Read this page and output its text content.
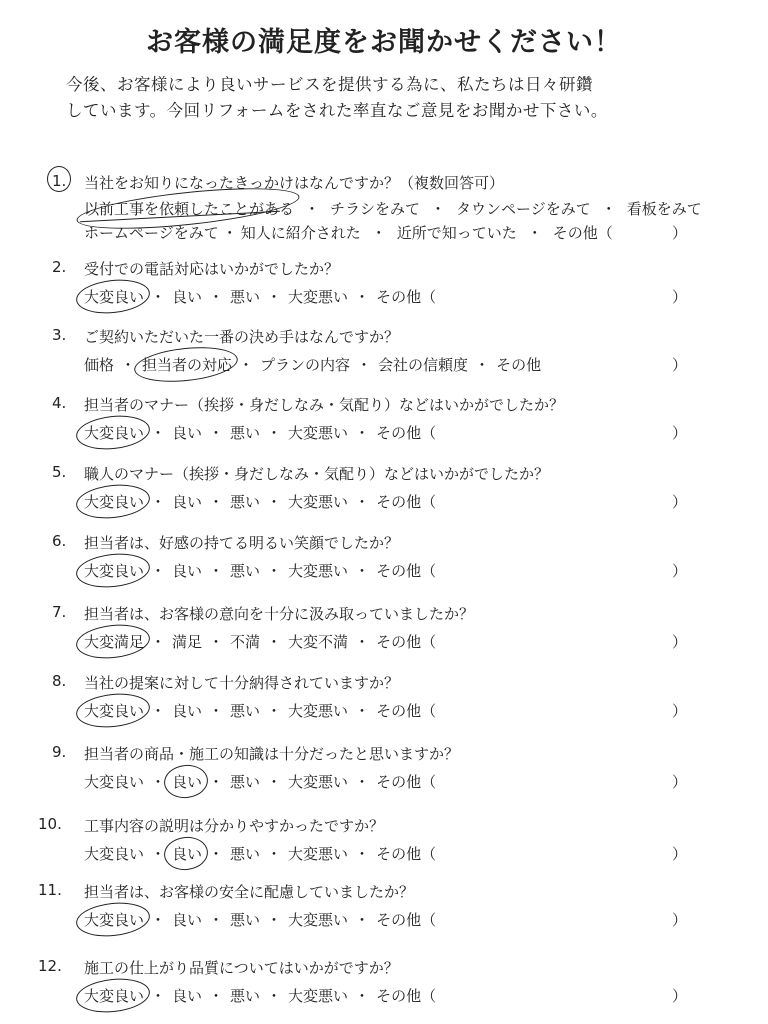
お客様の満足度をお聞かせください！
今後、お客様により良いサービスを提供する為に、私たちは日々研鑽
しています。今回リフォームをされた率直なご意見をお聞かせ下さい。
1. 当社をお知りになったきっかけはなんですか？（複数回答可）
以前工事を依頼したことがある ・ チラシをみて ・ タウンページをみて ・ 看板をみて
ホームページをみて ・ 知人に紹介された ・ 近所で知っていた ・ その他（	）
2. 受付での電話対応はいかがでしたか？
大変良い ・ 良い ・ 悪い ・ 大変悪い ・ その他（	）
3. ご契約いただいた一番の決め手はなんですか？
価格 ・ 担当者の対応 ・ プランの内容 ・ 会社の信頼度 ・ その他	）
4. 担当者のマナー（挨拶・身だしなみ・気配り）などはいかがでしたか？
大変良い ・ 良い ・ 悪い ・ 大変悪い ・ その他（	）
5. 職人のマナー（挨拶・身だしなみ・気配り）などはいかがでしたか？
大変良い ・ 良い ・ 悪い ・ 大変悪い ・ その他（	）
6. 担当者は、好感の持てる明るい笑顔でしたか？
大変良い ・ 良い ・ 悪い ・ 大変悪い ・ その他（	）
7. 担当者は、お客様の意向を十分に汲み取っていましたか？
大変満足 ・ 満足 ・ 不満 ・ 大変不満 ・ その他（	）
8. 当社の提案に対して十分納得されていますか？
大変良い ・ 良い ・ 悪い ・ 大変悪い ・ その他（	）
9. 担当者の商品・施工の知識は十分だったと思いますか？
大変良い ・ 良い ・ 悪い ・ 大変悪い ・ その他（	）
10. 工事内容の説明は分かりやすかったですか？
大変良い ・ 良い ・ 悪い ・ 大変悪い ・ その他（	）
11. 担当者は、お客様の安全に配慮していましたか？
大変良い ・ 良い ・ 悪い ・ 大変悪い ・ その他（	）
12. 施工の仕上がり品質についてはいかがですか？
大変良い ・ 良い ・ 悪い ・ 大変悪い ・ その他（	）
